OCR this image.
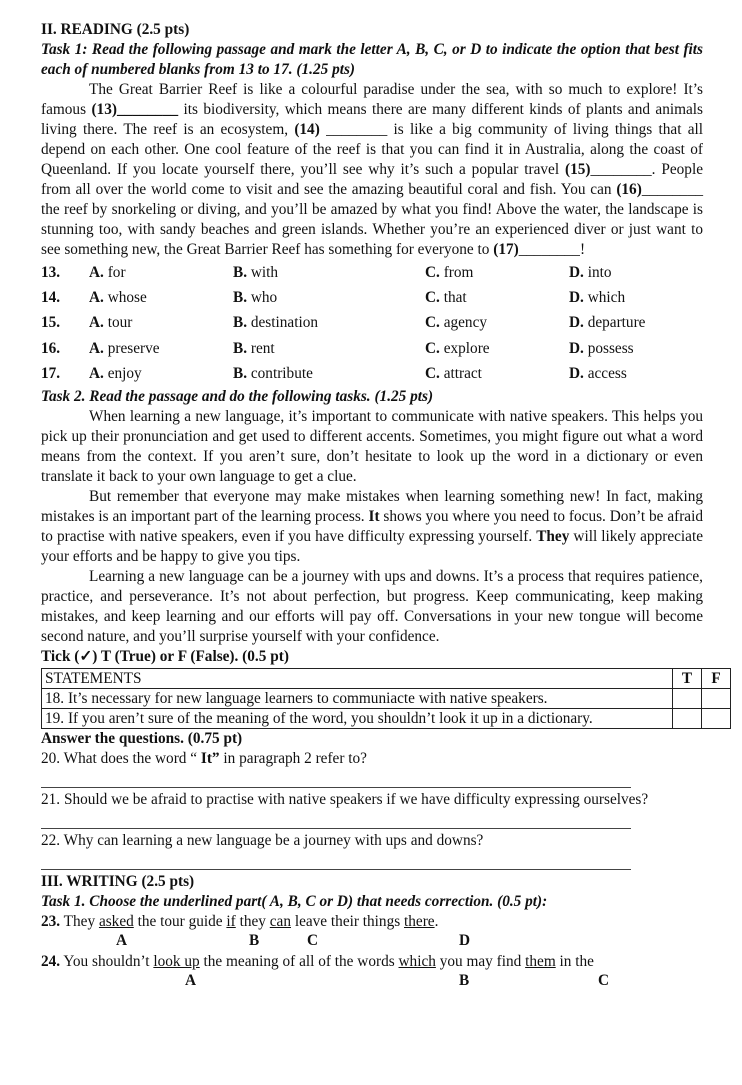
II. READING (2.5 pts)
Task 1: Read the following passage and mark the letter A, B, C, or D to indicate the option that best fits each of numbered blanks from 13 to 17. (1.25 pts)
The Great Barrier Reef is like a colourful paradise under the sea, with so much to explore! It’s famous (13)________ its biodiversity, which means there are many different kinds of plants and animals living there. The reef is an ecosystem, (14) ________ is like a big community of living things that all depend on each other. One cool feature of the reef is that you can find it in Australia, along the coast of Queenland. If you locate yourself there, you’ll see why it’s such a popular travel (15)________. People from all over the world come to visit and see the amazing beautiful coral and fish. You can (16)________ the reef by snorkeling or diving, and you’ll be amazed by what you find! Above the water, the landscape is stunning too, with sandy beaches and green islands. Whether you’re an experienced diver or just want to see something new, the Great Barrier Reef has something for everyone to (17)________!
13.	A. for	B. with	C. from	D. into
14.	A. whose	B. who	C. that	D. which
15.	A. tour	B. destination	C. agency	D. departure
16.	A. preserve	B. rent	C. explore	D. possess
17.	A. enjoy	B. contribute	C. attract	D. access
Task 2. Read the passage and do the following tasks. (1.25 pts)
When learning a new language, it’s important to communicate with native speakers. This helps you pick up their pronunciation and get used to different accents. Sometimes, you might figure out what a word means from the context. If you aren’t sure, don’t hesitate to look up the word in a dictionary or even translate it back to your own language to get a clue.
But remember that everyone may make mistakes when learning something new! In fact, making mistakes is an important part of the learning process. It shows you where you need to focus. Don’t be afraid to practise with native speakers, even if you have difficulty expressing yourself. They will likely appreciate your efforts and be happy to give you tips.
Learning a new language can be a journey with ups and downs. It’s a process that requires patience, practice, and perseverance. It’s not about perfection, but progress. Keep communicating, keep making mistakes, and keep learning and our efforts will pay off. Conversations in your new tongue will become second nature, and you’ll surprise yourself with your confidence.
Tick (✓) T (True) or F (False). (0.5 pt)
STATEMENTS	T	F
18. It’s necessary for new language learners to communiacte with native speakers.		
19. If you aren’t sure of the meaning of the word, you shouldn’t look it up in a dictionary.		
Answer the questions. (0.75 pt)
20. What does the word “ It” in paragraph 2 refer to?
21. Should we be afraid to practise with native speakers if we have difficulty expressing ourselves?
22. Why can learning a new language be a journey with ups and downs?
III. WRITING (2.5 pts)
Task 1. Choose the underlined part( A, B, C or D) that needs correction. (0.5 pt):
23. They asked the tour guide if they can leave their things there.
A	B	C	D
24. You shouldn’t look up the meaning of all of the words which you may find them in the
A	B	C
